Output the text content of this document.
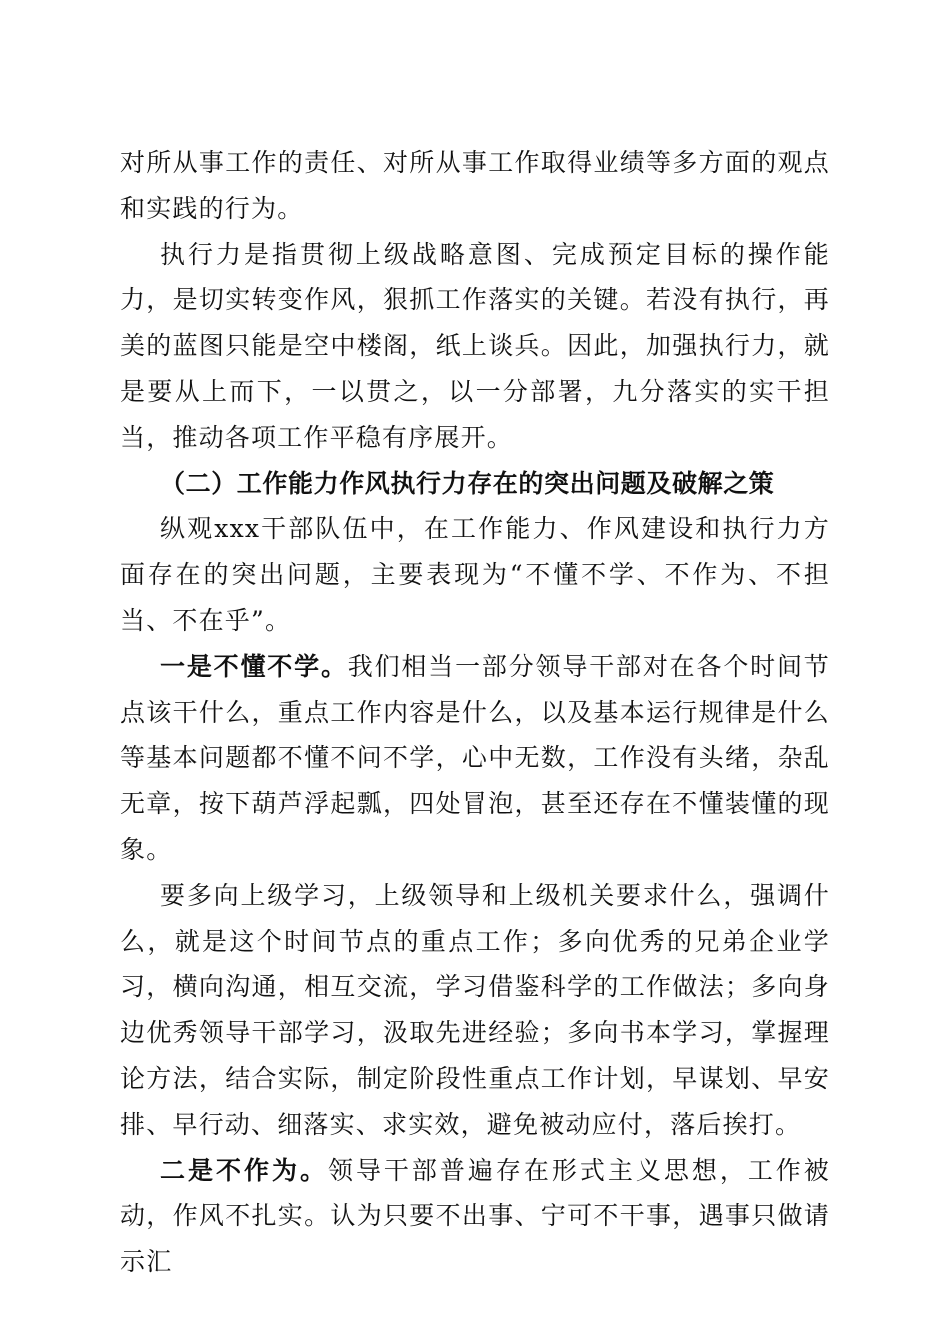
对所从事工作的责任、对所从事工作取得业绩等多方面的观点和实践的行为。

执行力是指贯彻上级战略意图、完成预定目标的操作能力，是切实转变作风，狠抓工作落实的关键。若没有执行，再美的蓝图只能是空中楼阁，纸上谈兵。因此，加强执行力，就是要从上而下，一以贯之，以一分部署，九分落实的实干担当，推动各项工作平稳有序展开。

（二）工作能力作风执行力存在的突出问题及破解之策

纵观xxx干部队伍中，在工作能力、作风建设和执行力方面存在的突出问题，主要表现为“不懂不学、不作为、不担当、不在乎”。

一是不懂不学。我们相当一部分领导干部对在各个时间节点该干什么，重点工作内容是什么，以及基本运行规律是什么等基本问题都不懂不问不学，心中无数，工作没有头绪，杂乱无章，按下葫芦浮起瓢，四处冒泡，甚至还存在不懂装懂的现象。

要多向上级学习，上级领导和上级机关要求什么，强调什么，就是这个时间节点的重点工作；多向优秀的兄弟企业学习，横向沟通，相互交流，学习借鉴科学的工作做法；多向身边优秀领导干部学习，汲取先进经验；多向书本学习，掌握理论方法，结合实际，制定阶段性重点工作计划，早谋划、早安排、早行动、细落实、求实效，避免被动应付，落后挨打。

二是不作为。领导干部普遍存在形式主义思想，工作被动，作风不扎实。认为只要不出事、宁可不干事，遇事只做请示汇
